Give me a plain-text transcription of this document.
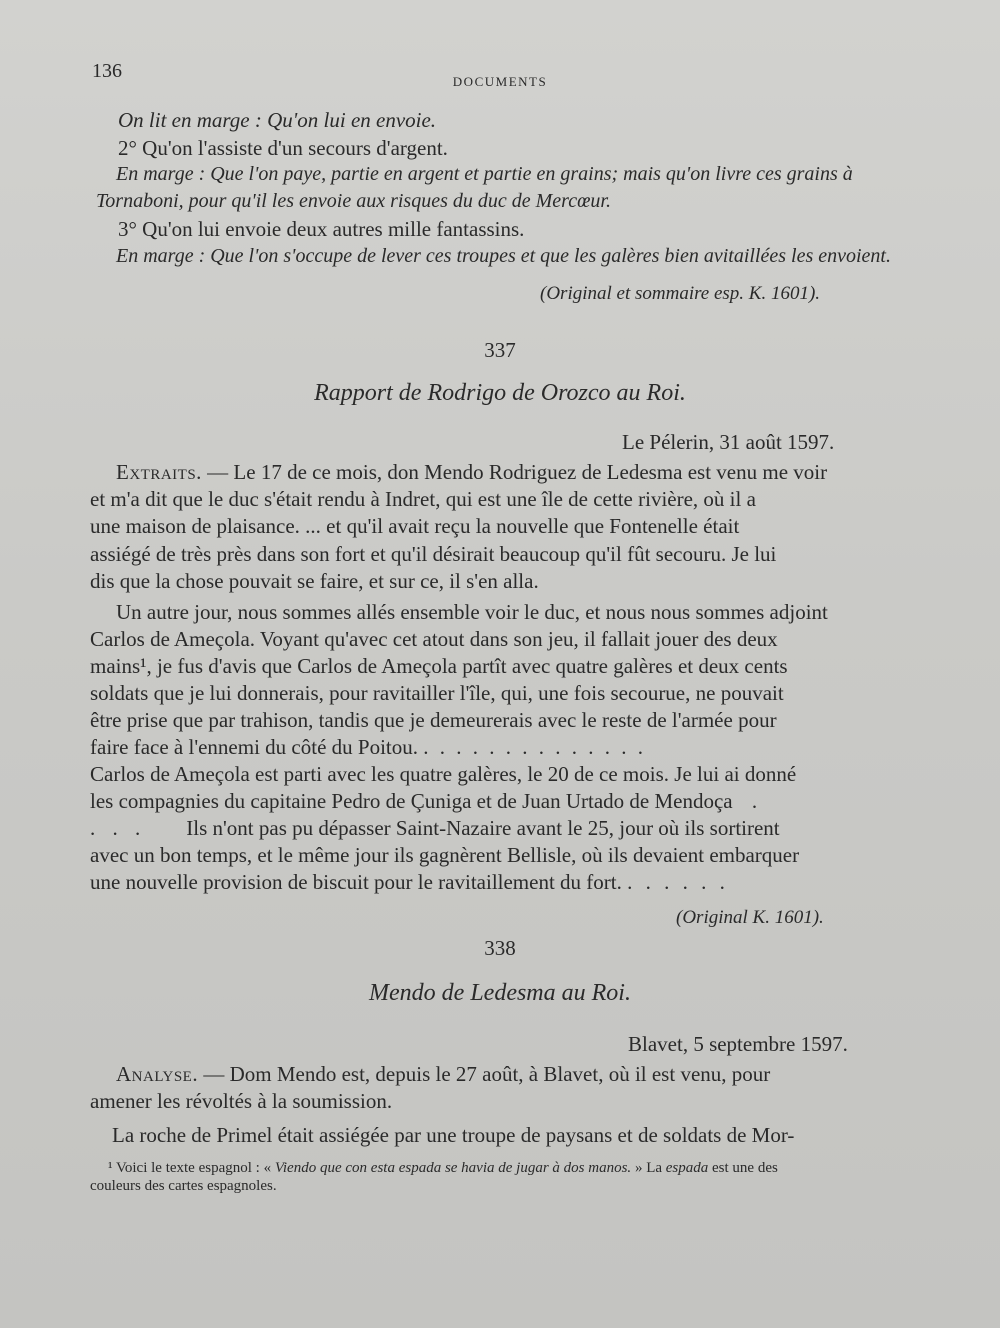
136	DOCUMENTS
On lit en marge : Qu'on lui en envoie.
2° Qu'on l'assiste d'un secours d'argent.
En marge : Que l'on paye, partie en argent et partie en grains; mais qu'on livre ces grains à
Tornaboni, pour qu'il les envoie aux risques du duc de Mercœur.
3° Qu'on lui envoie deux autres mille fantassins.
En marge : Que l'on s'occupe de lever ces troupes et que les galères bien avitaillées les envoient.
(Original et sommaire esp. K. 1601).
337
Rapport de Rodrigo de Orozco au Roi.
Le Pélerin, 31 août 1597.
Extraits. — Le 17 de ce mois, don Mendo Rodriguez de Ledesma est venu me voir
et m'a dit que le duc s'était rendu à Indret, qui est une île de cette rivière, où il a
une maison de plaisance. ... et qu'il avait reçu la nouvelle que Fontenelle était
assiégé de très près dans son fort et qu'il désirait beaucoup qu'il fût secouru. Je lui
dis que la chose pouvait se faire, et sur ce, il s'en alla.
Un autre jour, nous sommes allés ensemble voir le duc, et nous nous sommes adjoint
Carlos de Ameçola. Voyant qu'avec cet atout dans son jeu, il fallait jouer des deux
mains¹, je fus d'avis que Carlos de Ameçola partît avec quatre galères et deux cents
soldats que je lui donnerais, pour ravitailler l'île, qui, une fois secourue, ne pouvait
être prise que par trahison, tandis que je demeurerais avec le reste de l'armée pour
faire face à l'ennemi du côté du Poitou. . . . . . . . . . . . . . .
Carlos de Ameçola est parti avec les quatre galères, le 20 de ce mois. Je lui ai donné
les compagnies du capitaine Pedro de Çuniga et de Juan Urtado de Mendoça .
. . . Ils n'ont pas pu dépasser Saint-Nazaire avant le 25, jour où ils sortirent
avec un bon temps, et le même jour ils gagnèrent Bellisle, où ils devaient embarquer
une nouvelle provision de biscuit pour le ravitaillement du fort. . . . . . .
(Original K. 1601).
338
Mendo de Ledesma au Roi.
Blavet, 5 septembre 1597.
Analyse. — Dom Mendo est, depuis le 27 août, à Blavet, où il est venu, pour
amener les révoltés à la soumission.
La roche de Primel était assiégée par une troupe de paysans et de soldats de Mor-
¹ Voici le texte espagnol : « Viendo que con esta espada se havia de jugar à dos manos. » La espada est une des
couleurs des cartes espagnoles.
